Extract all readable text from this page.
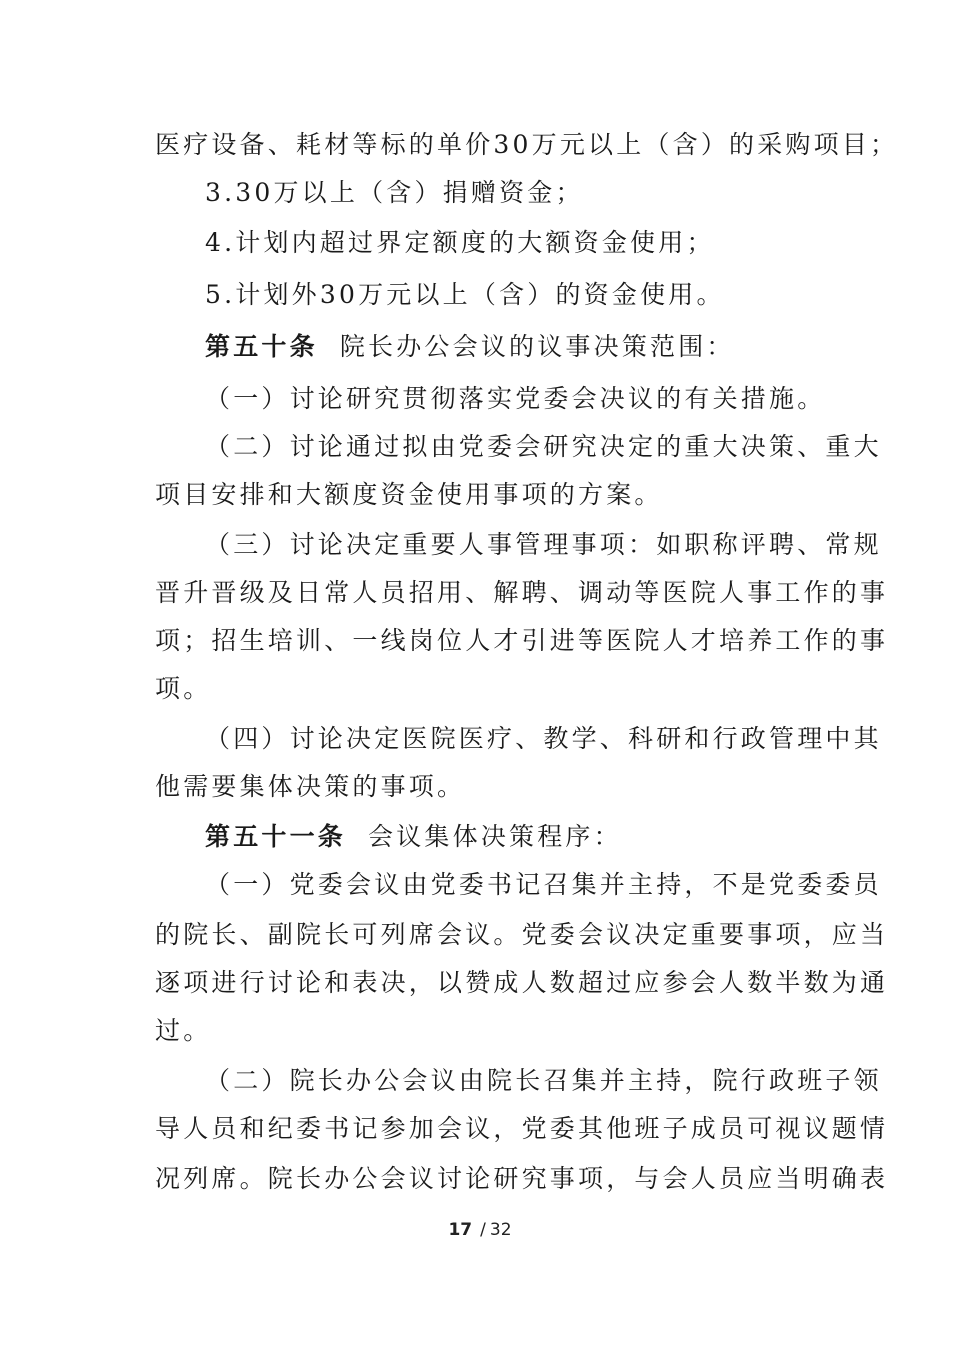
医疗设备、耗材等标的单价30万元以上（含）的采购项目；
3.30万以上（含）捐赠资金；
4.计划内超过界定额度的大额资金使用；
5.计划外30万元以上（含）的资金使用。
第五十条 院长办公会议的议事决策范围：
（一）讨论研究贯彻落实党委会决议的有关措施。
（二）讨论通过拟由党委会研究决定的重大决策、重大
项目安排和大额度资金使用事项的方案。
（三）讨论决定重要人事管理事项：如职称评聘、常规
晋升晋级及日常人员招用、解聘、调动等医院人事工作的事
项；招生培训、一线岗位人才引进等医院人才培养工作的事
项。
（四）讨论决定医院医疗、教学、科研和行政管理中其
他需要集体决策的事项。
第五十一条 会议集体决策程序：
（一）党委会议由党委书记召集并主持，不是党委委员
的院长、副院长可列席会议。党委会议决定重要事项，应当
逐项进行讨论和表决，以赞成人数超过应参会人数半数为通
过。
（二）院长办公会议由院长召集并主持，院行政班子领
导人员和纪委书记参加会议，党委其他班子成员可视议题情
况列席。院长办公会议讨论研究事项，与会人员应当明确表
17 / 32
